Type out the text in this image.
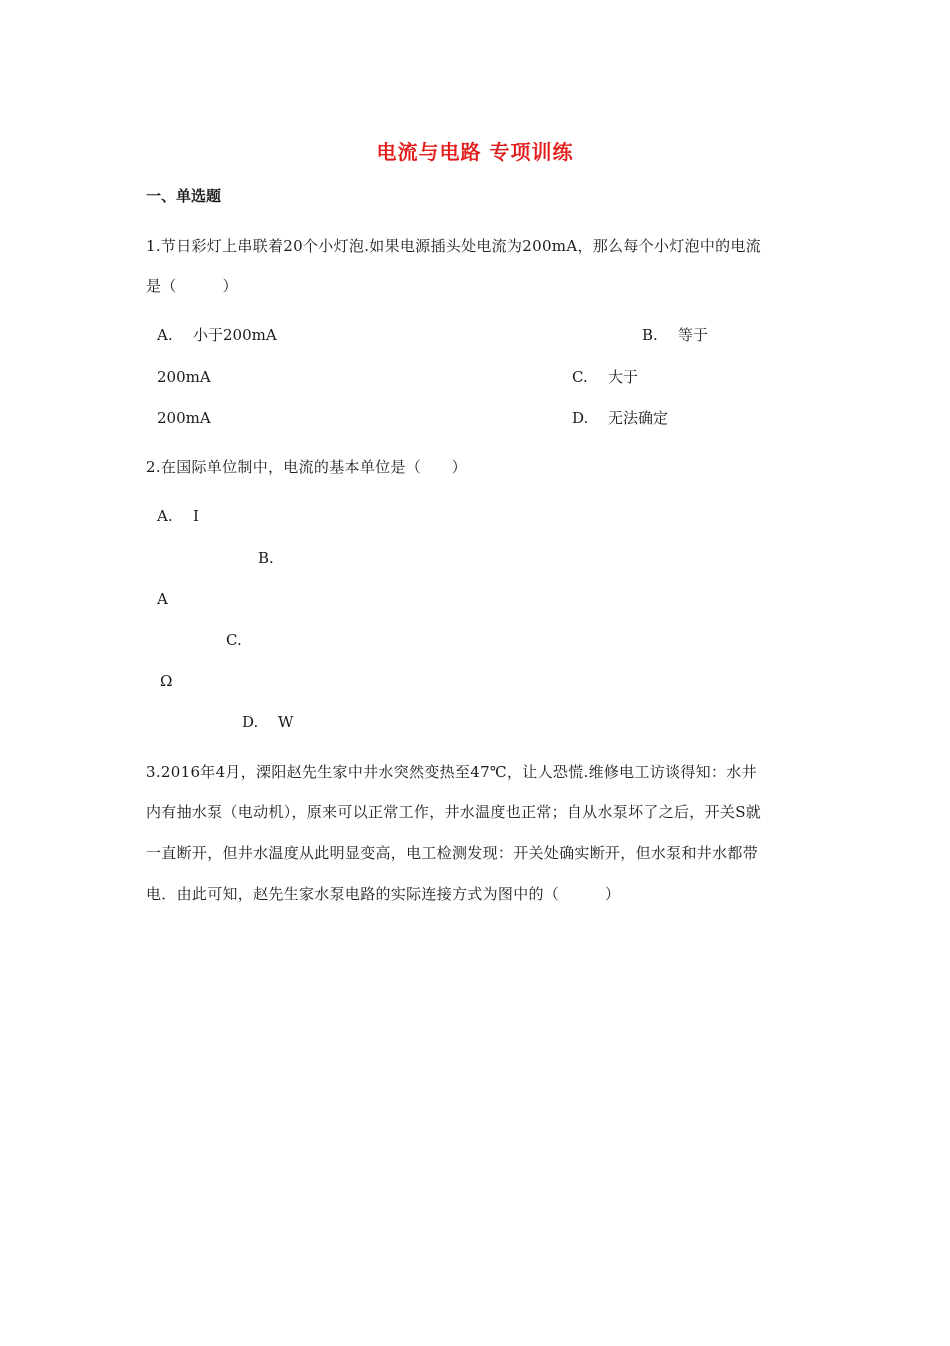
电流与电路 专项训练
一、单选题
1.节日彩灯上串联着20个小灯泡.如果电源插头处电流为200mA，那么每个小灯泡中的电流
是（　　　）
A. 小于200mA	B. 等于
200mA	C. 大于
200mA	D. 无法确定
2.在国际单位制中，电流的基本单位是（　　）
A. I
B.
A
C.
Ω
D. W
3.2016年4月，溧阳赵先生家中井水突然变热至47℃，让人恐慌.维修电工访谈得知：水井
内有抽水泵（电动机），原来可以正常工作，井水温度也正常；自从水泵坏了之后，开关S就
一直断开，但井水温度从此明显变高，电工检测发现：开关处确实断开，但水泵和井水都带
电．由此可知，赵先生家水泵电路的实际连接方式为图中的（　　　）
